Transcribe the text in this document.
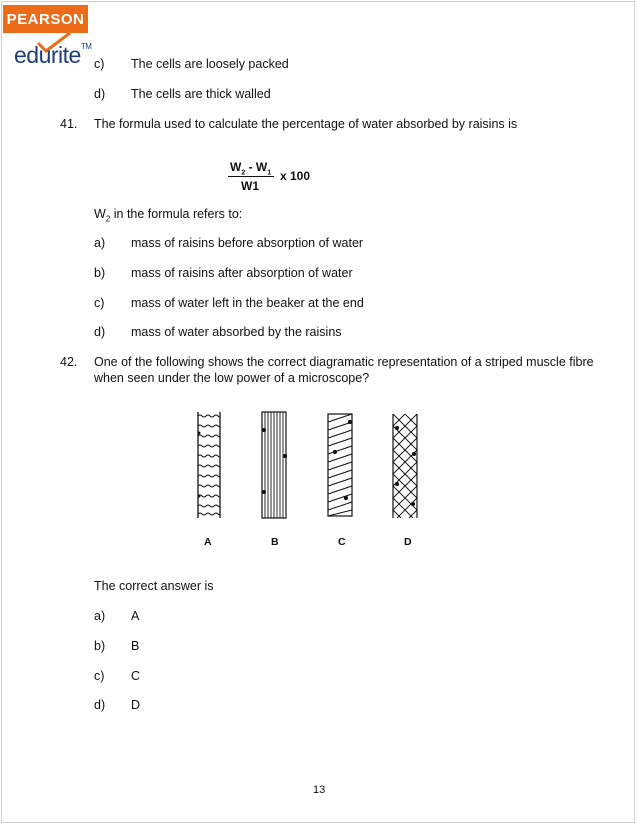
PEARSON
edurite™
c) The cells are loosely packed
d) The cells are thick walled
41. The formula used to calculate the percentage of water absorbed by raisins is
$W_2 - W_1$
W1
x 100
$W_2$ in the formula refers to:
a) mass of raisins before absorption of water
b) mass of raisins after absorption of water
c) mass of water left in the beaker at the end
d) mass of water absorbed by the raisins
42. One of the following shows the correct diagramatic representation of a striped muscle fibre
when seen under the low power of a microscope?
A	B	C	D
The correct answer is
a) A
b) B
c) C
d) D
13
